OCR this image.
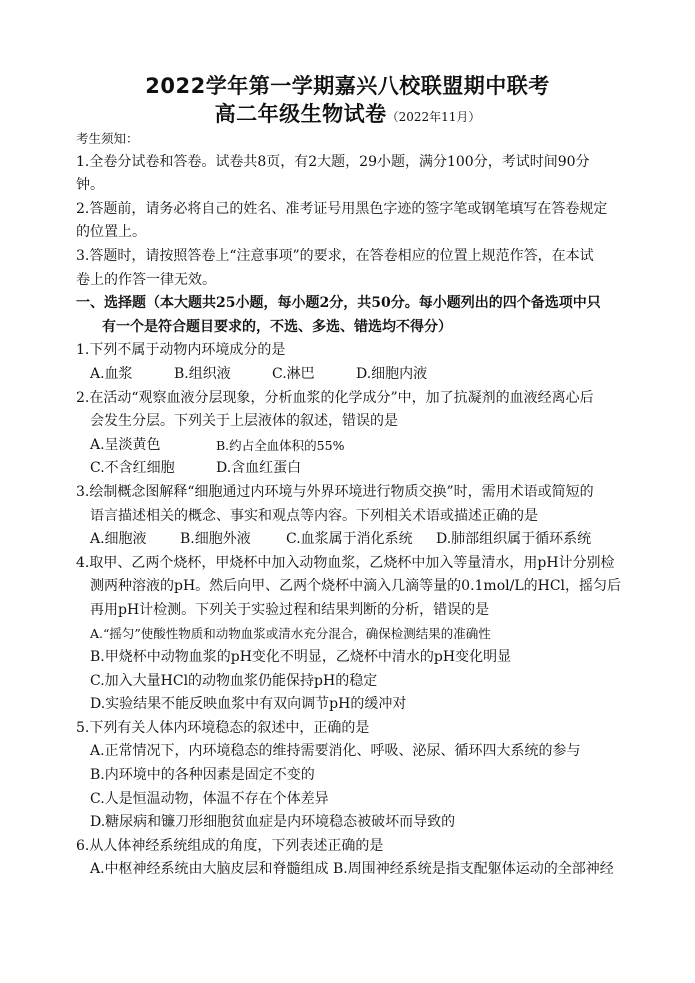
2022学年第一学期嘉兴八校联盟期中联考
高二年级生物试卷（2022年11月）
考生须知：
1.全卷分试卷和答卷。试卷共8页，有2大题，29小题，满分100分，考试时间90分
钟。
2.答题前，请务必将自己的姓名、准考证号用黑色字迹的签字笔或钢笔填写在答卷规定
的位置上。
3.答题时，请按照答卷上“注意事项”的要求，在答卷相应的位置上规范作答，在本试
卷上的作答一律无效。
一、选择题（本大题共25小题，每小题2分，共50分。每小题列出的四个备选项中只
有一个是符合题目要求的，不选、多选、错选均不得分）
1.下列不属于动物内环境成分的是
A.血浆	B.组织液	C.淋巴	D.细胞内液
2.在活动“观察血液分层现象，分析血浆的化学成分”中，加了抗凝剂的血液经离心后
会发生分层。下列关于上层液体的叙述，错误的是
A.呈淡黄色	B.约占全血体积的55%
C.不含红细胞	D.含血红蛋白
3.绘制概念图解释“细胞通过内环境与外界环境进行物质交换”时，需用术语或简短的
语言描述相关的概念、事实和观点等内容。下列相关术语或描述正确的是
A.细胞液	B.细胞外液	C.血浆属于消化系统	D.肺部组织属于循环系统
4.取甲、乙两个烧杯，甲烧杯中加入动物血浆，乙烧杯中加入等量清水，用pH计分别检
测两种溶液的pH。然后向甲、乙两个烧杯中滴入几滴等量的0.1mol/L的HCl，摇匀后
再用pH计检测。下列关于实验过程和结果判断的分析，错误的是
A.“摇匀”使酸性物质和动物血浆或清水充分混合，确保检测结果的准确性
B.甲烧杯中动物血浆的pH变化不明显，乙烧杯中清水的pH变化明显
C.加入大量HCl的动物血浆仍能保持pH的稳定
D.实验结果不能反映血浆中有双向调节pH的缓冲对
5.下列有关人体内环境稳态的叙述中，正确的是
A.正常情况下，内环境稳态的维持需要消化、呼吸、泌尿、循环四大系统的参与
B.内环境中的各种因素是固定不变的
C.人是恒温动物，体温不存在个体差异
D.糖尿病和镰刀形细胞贫血症是内环境稳态被破坏而导致的
6.从人体神经系统组成的角度，下列表述正确的是
A.中枢神经系统由大脑皮层和脊髓组成 B.周围神经系统是指支配躯体运动的全部神经
